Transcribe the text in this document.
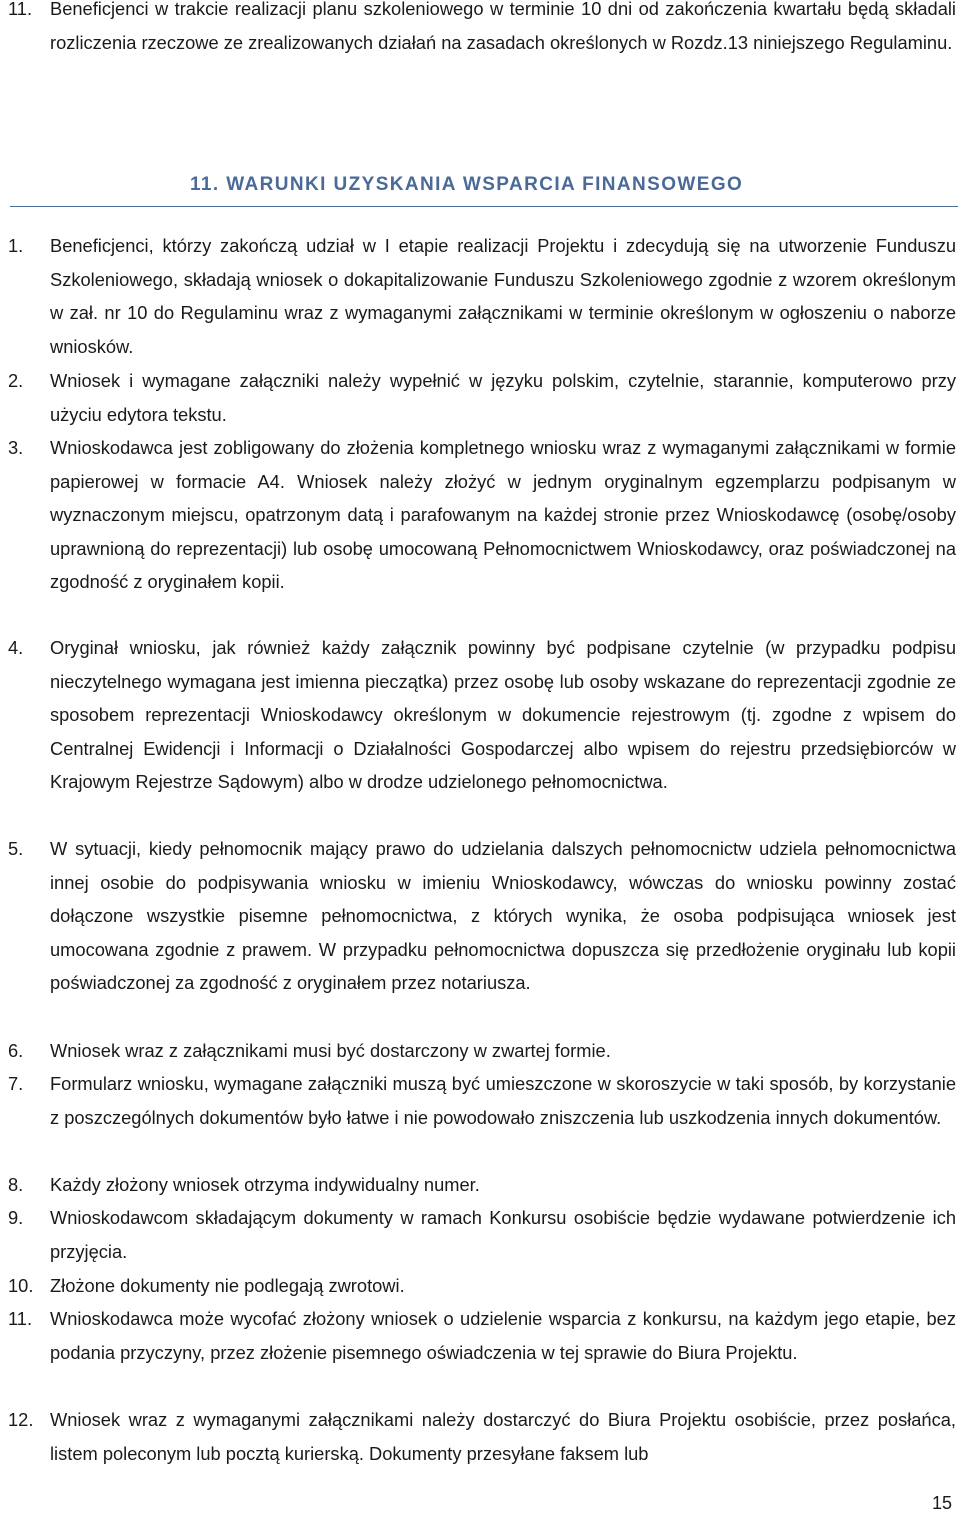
11. Beneficjenci w trakcie realizacji planu szkoleniowego w terminie 10 dni od zakończenia kwartału będą składali rozliczenia rzeczowe ze zrealizowanych działań na zasadach określonych w Rozdz.13 niniejszego Regulaminu.
11. WARUNKI UZYSKANIA WSPARCIA FINANSOWEGO
1.	Beneficjenci, którzy zakończą udział w I etapie realizacji Projektu i zdecydują się na utworzenie Funduszu Szkoleniowego, składają wniosek o dokapitalizowanie Funduszu Szkoleniowego zgodnie z wzorem określonym w zał. nr 10 do Regulaminu wraz z wymaganymi załącznikami w terminie określonym w ogłoszeniu o naborze wniosków.
2.	Wniosek i wymagane załączniki należy wypełnić w języku polskim, czytelnie, starannie, komputerowo przy użyciu edytora tekstu.
3.	Wnioskodawca jest zobligowany do złożenia kompletnego wniosku wraz z wymaganymi załącznikami w formie papierowej w formacie A4. Wniosek należy złożyć w jednym oryginalnym egzemplarzu podpisanym w wyznaczonym miejscu, opatrzonym datą i parafowanym na każdej stronie przez Wnioskodawcę (osobę/osoby uprawnioną do reprezentacji) lub osobę umocowaną Pełnomocnictwem Wnioskodawcy, oraz poświadczonej na zgodność z oryginałem kopii.
4.	Oryginał wniosku, jak również każdy załącznik powinny być podpisane czytelnie (w przypadku podpisu nieczytelnego wymagana jest imienna pieczątka) przez osobę lub osoby wskazane do reprezentacji zgodnie ze sposobem reprezentacji Wnioskodawcy określonym w dokumencie rejestrowym (tj. zgodne z wpisem do Centralnej Ewidencji i Informacji o Działalności Gospodarczej albo wpisem do rejestru przedsiębiorców w Krajowym Rejestrze Sądowym) albo w drodze udzielonego pełnomocnictwa.
5.	W sytuacji, kiedy pełnomocnik mający prawo do udzielania dalszych pełnomocnictw udziela pełnomocnictwa innej osobie do podpisywania wniosku w imieniu Wnioskodawcy, wówczas do wniosku powinny zostać dołączone wszystkie pisemne pełnomocnictwa, z których wynika, że osoba podpisująca wniosek jest umocowana zgodnie z prawem. W przypadku pełnomocnictwa dopuszcza się przedłożenie oryginału lub kopii poświadczonej za zgodność z oryginałem przez notariusza.
6.	Wniosek wraz z załącznikami musi być dostarczony w zwartej formie.
7.	Formularz wniosku, wymagane załączniki muszą być umieszczone w skoroszycie w taki sposób, by korzystanie z poszczególnych dokumentów było łatwe i nie powodowało zniszczenia lub uszkodzenia innych dokumentów.
8.	Każdy złożony wniosek otrzyma indywidualny numer.
9.	Wnioskodawcom składającym dokumenty w ramach Konkursu osobiście będzie wydawane potwierdzenie ich przyjęcia.
10. Złożone dokumenty nie podlegają zwrotowi.
11. Wnioskodawca może wycofać złożony wniosek o udzielenie wsparcia z konkursu, na każdym jego etapie, bez podania przyczyny, przez złożenie pisemnego oświadczenia w tej sprawie do Biura Projektu.
12. Wniosek wraz z wymaganymi załącznikami należy dostarczyć do Biura Projektu osobiście, przez posłańca, listem poleconym lub pocztą kurierską. Dokumenty przesyłane faksem lub
15
